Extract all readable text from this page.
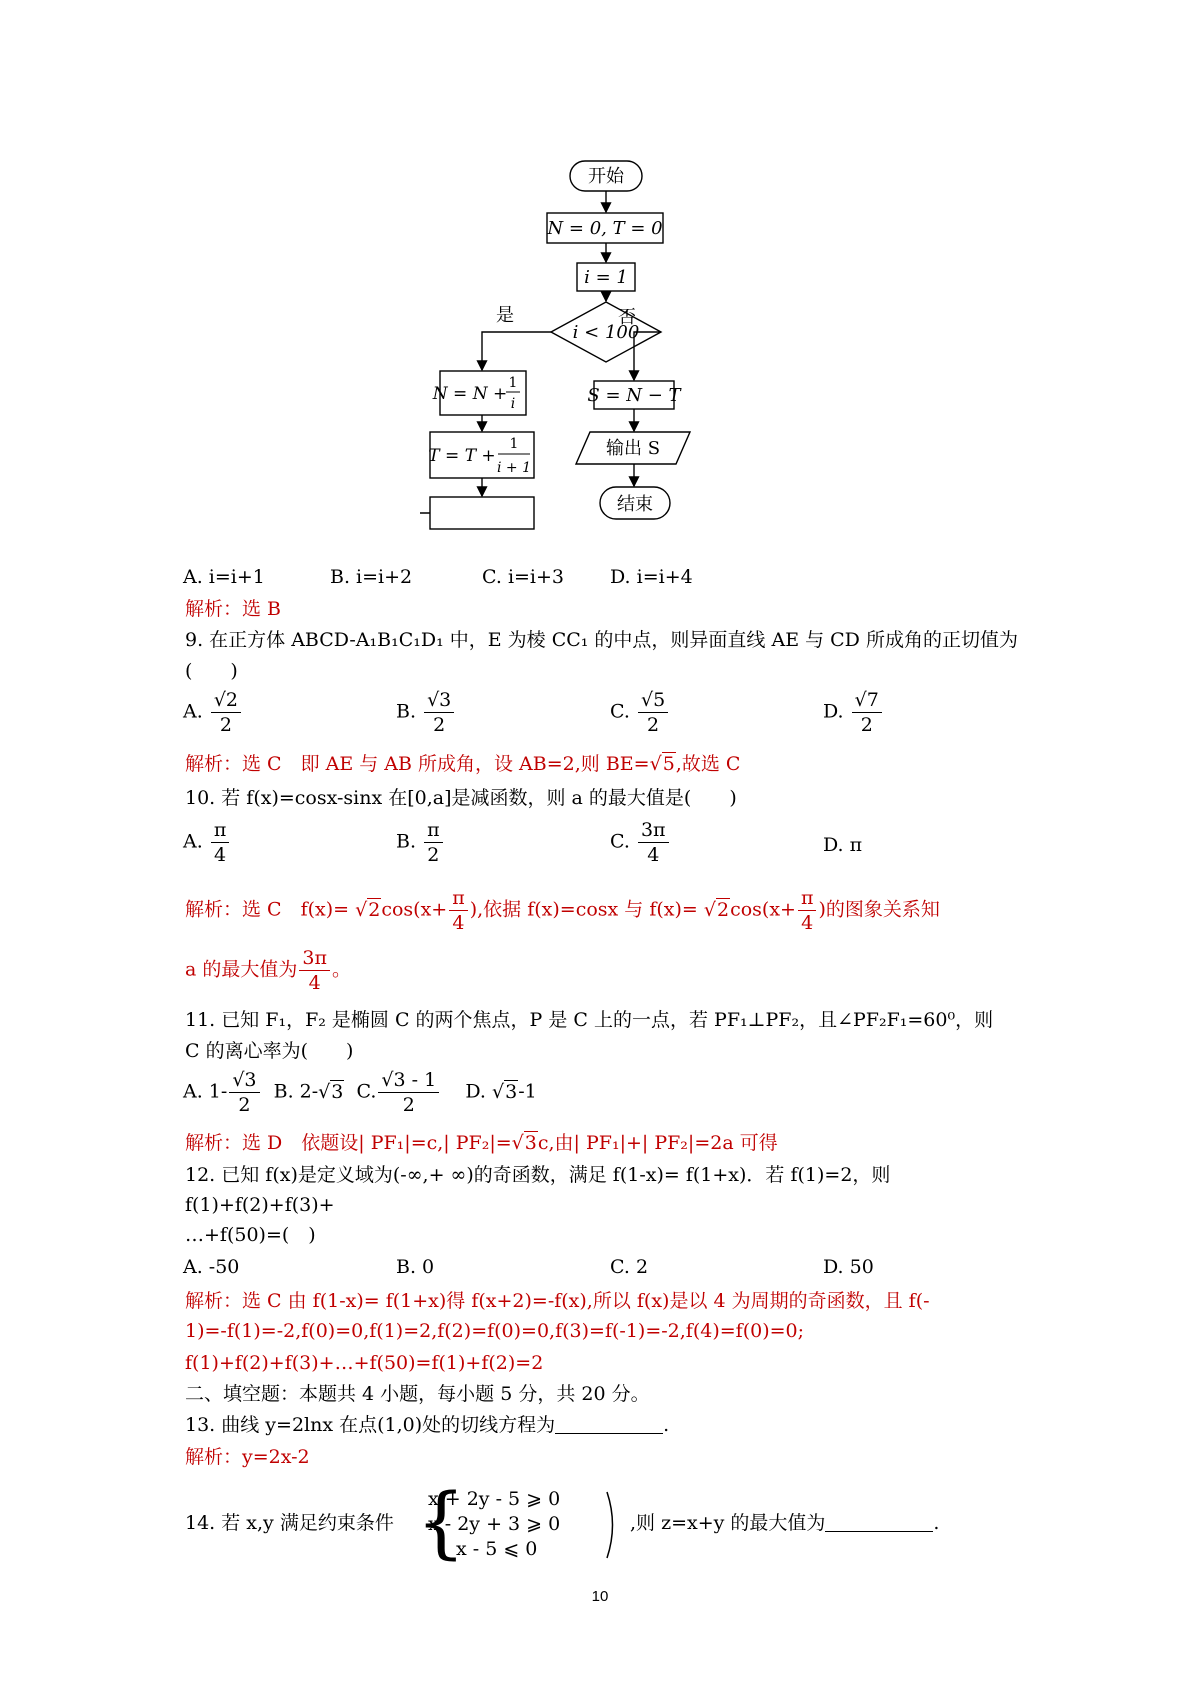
开始
N = 0, T = 0
i = 1
i < 100
是	否
N = N +
1
i
T = T +
1
i + 1
S = N − T
输出 S
结束
A. i=i+1	B. i=i+2	C. i=i+3 D. i=i+4
解析：选 B
9. 在正方体 ABCD-A₁B₁C₁D₁ 中，E 为棱 CC₁ 的中点，则异面直线 AE 与 CD 所成角的正切值为
(　　)
A. $\frac{√2}{2}$	B. $\frac{√3}{2}$	C. $\frac{√5}{2}$	D. $\frac{√7}{2}$
解析：选 C　即 AE 与 AB 所成角，设 AB=2,则 BE=√5,故选 C
10. 若 f(x)=cosx-sinx 在[0,a]是减函数，则 a 的最大值是(　　)
A. $\frac{\pi}{4}$	B. $\frac{\pi}{2}$	C. $\frac{3\pi}{4}$	D. π
解析：选 C　$f(x)= √2\cos(x+ \frac{\pi}{4}$ ),依据 f(x)=cosx 与 $f(x)= √2\cos(x+ \frac{\pi}{4}$ )的图象关系知
a 的最大值为 $\frac{3\pi}{4}$ 。
11. 已知 F₁，F₂ 是椭圆 C 的两个焦点，P 是 C 上的一点，若 PF₁⊥PF₂，且∠PF₂F₁=60⁰，则
C 的离心率为(　　)
A. $1- \frac{√3}{2} B$. 2-√3 C. $\frac{√3 - 1}{2} D$. √3-1
解析：选 D　依题设| PF₁|=c,| PF₂|=√3c,由| PF₁|+| PF₂|=2a 可得
12. 已知 f(x)是定义域为(-∞,+ ∞)的奇函数，满足 f(1-x)= f(1+x)．若 f(1)=2，则
f(1)+f(2)+f(3)+
…+f(50)=(　)
A. -50	B. 0	C. 2	D. 50
解析：选 C 由 f(1-x)= f(1+x)得 f(x+2)=-f(x),所以 f(x)是以 4 为周期的奇函数，且 f(-
1)=-f(1)=-2,f(0)=0,f(1)=2,f(2)=f(0)=0,f(3)=f(-1)=-2,f(4)=f(0)=0;
f(1)+f(2)+f(3)+…+f(50)=f(1)+f(2)=2
二、填空题：本题共 4 小题，每小题 5 分，共 20 分。
13. 曲线 y=2lnx 在点(1,0)处的切线方程为	.
解析：y=2x-2
14. 若 x,y 满足约束条件 {
x + 2y - 5 ⩾ 0
x - 2y + 3 ⩾ 0
x - 5 ⩽ 0
,则 z=x+y 的最大值为	.
10
